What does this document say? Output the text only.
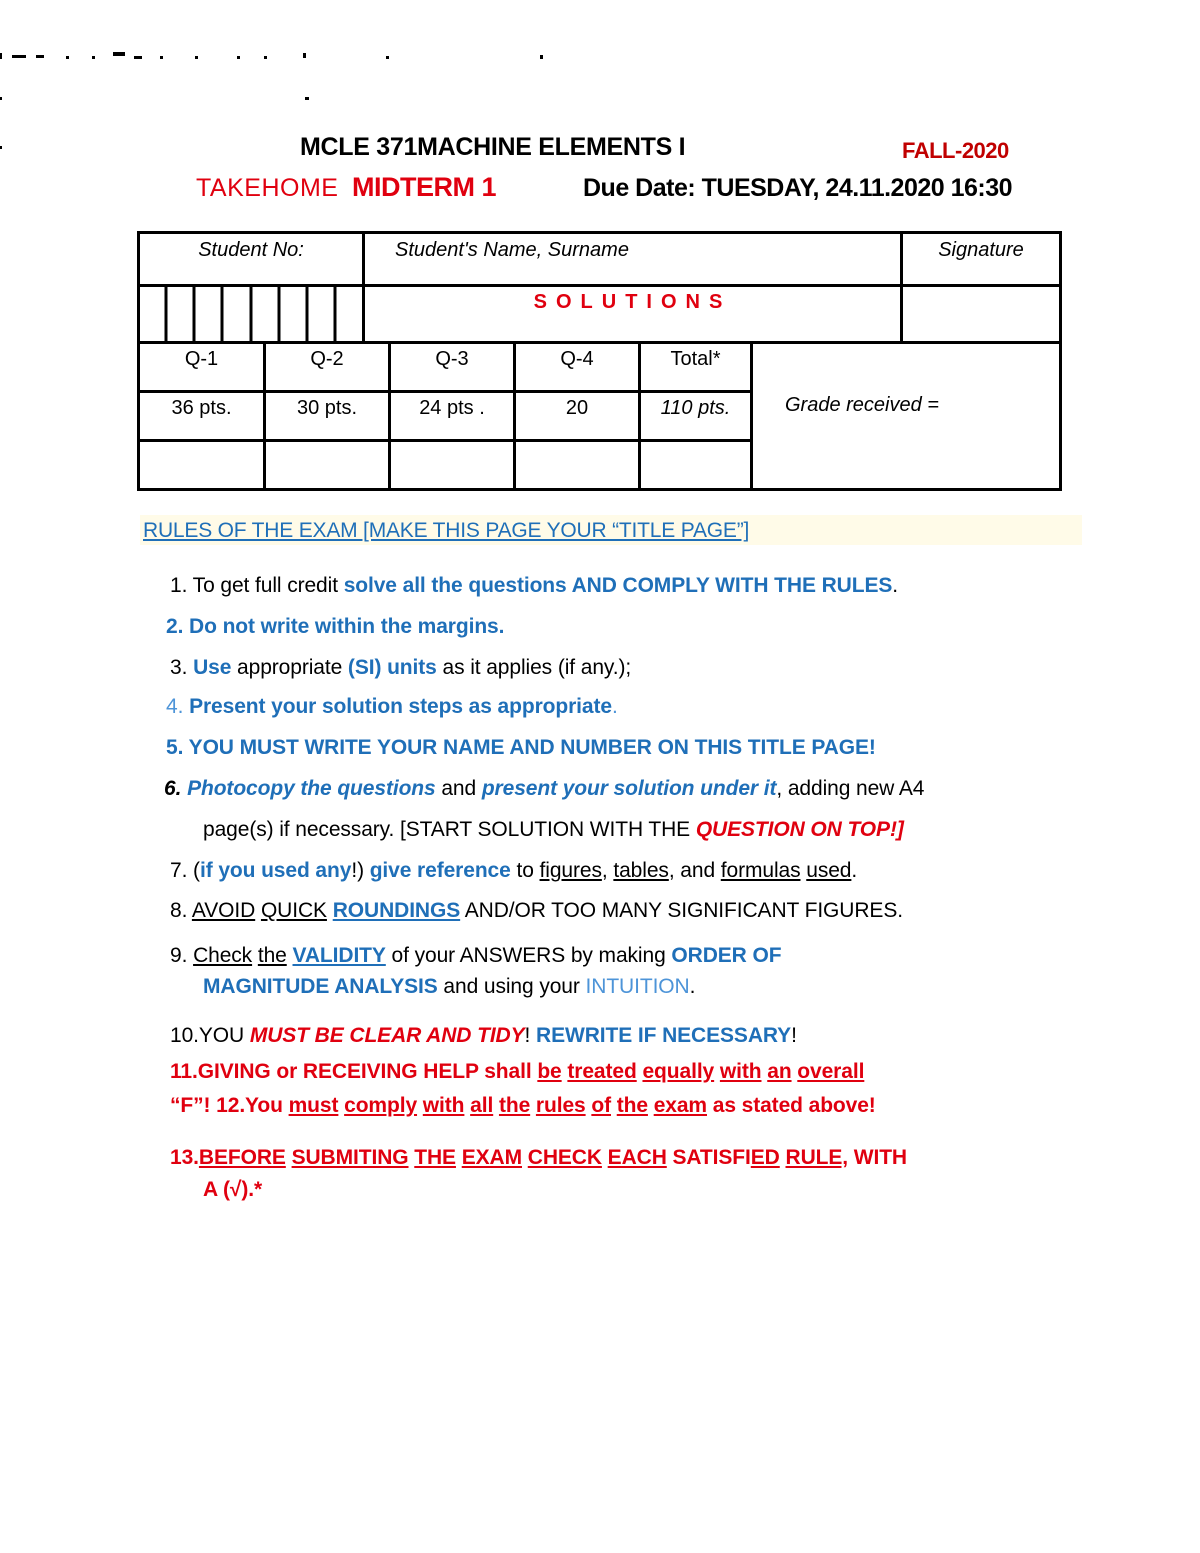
MCLE 371MACHINE ELEMENTS I	FALL-2020
TAKEHOME MIDTERM 1	Due Date: TUESDAY, 24.11.2020 16:30
Student No:	Student's Name, Surname	Signature

	SOLUTIONS	
Q-1	Q-2	Q-3	Q-4	Total*	Grade received =
36 pts.	30 pts.	24 pts .	20	110 pts.	

RULES OF THE EXAM [MAKE THIS PAGE YOUR “TITLE PAGE”]
1. To get full credit solve all the questions AND COMPLY WITH THE RULES.
2. Do not write within the margins.
3. Use appropriate (SI) units as it applies (if any.);
4. Present your solution steps as appropriate.
5. YOU MUST WRITE YOUR NAME AND NUMBER ON THIS TITLE PAGE!
6. Photocopy the questions and present your solution under it, adding new A4
page(s) if necessary. [START SOLUTION WITH THE QUESTION ON TOP!]
7. (if you used any!) give reference to figures, tables, and formulas used.
8. AVOID QUICK ROUNDINGS AND/OR TOO MANY SIGNIFICANT FIGURES.
9. Check the VALIDITY of your ANSWERS by making ORDER OF
MAGNITUDE ANALYSIS and using your INTUITION.
10.YOU MUST BE CLEAR AND TIDY! REWRITE IF NECESSARY!
11.GIVING or RECEIVING HELP shall be treated equally with an overall
“F”! 12.You must comply with all the rules of the exam as stated above!
13.BEFORE SUBMITING THE EXAM CHECK EACH SATISFIED RULE, WITH
A (√).*
